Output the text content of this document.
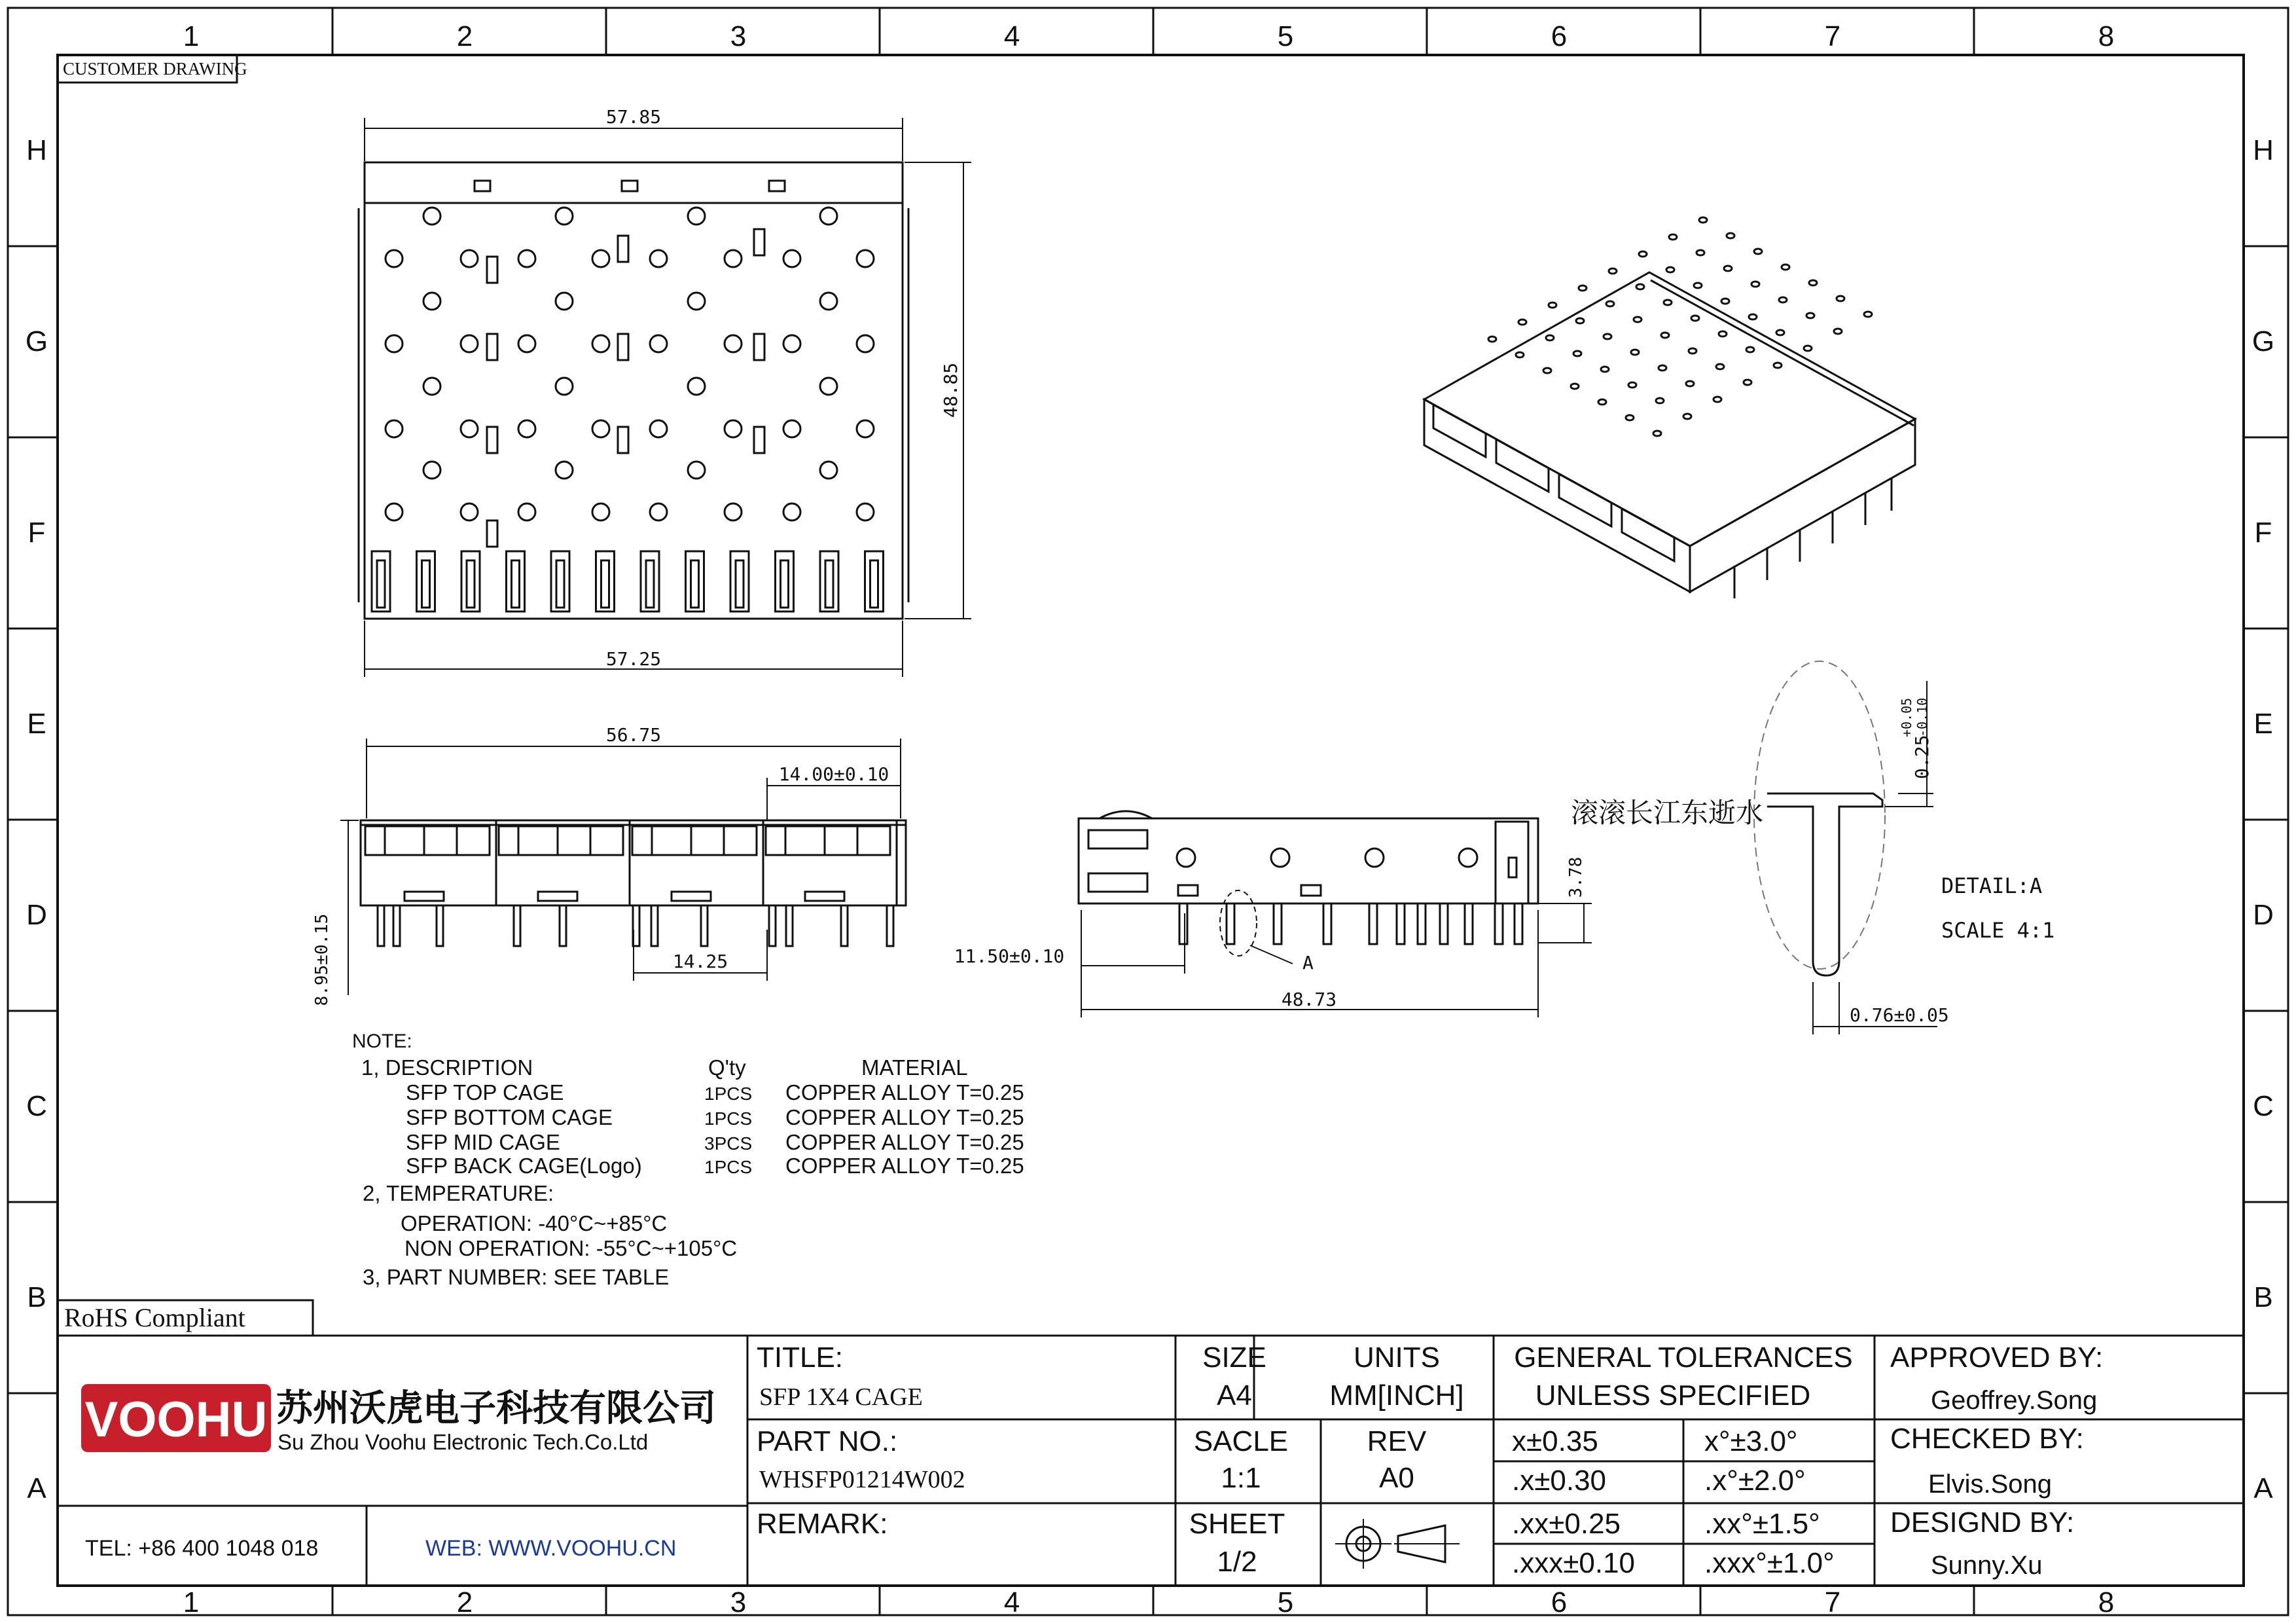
1	2	3	4	5	6	7	8
1	2	3	4	5	6	7	8
H
G
F
E
D
C
B
A
H
G
F
E
D
C
B
A
CUSTOMER DRAWING
57.85
57.25
48.85
56.75
14.00±0.10
14.25
8.95±0.15	11.50±0.10
48.73
3.78
A
0.25
+0.05 -0.10
0.76±0.05
DETAIL:A
SCALE 4:1
滚滚长江东逝水
NOTE:
1, DESCRIPTION	Q'ty	MATERIAL
SFP TOP CAGE	1PCS COPPER ALLOY T=0.25
SFP BOTTOM CAGE	1PCS COPPER ALLOY T=0.25
SFP MID CAGE	3PCS COPPER ALLOY T=0.25
SFP BACK CAGE(Logo)	1PCS COPPER ALLOY T=0.25
2, TEMPERATURE:
OPERATION: -40°C~+85°C
NON OPERATION: -55°C~+105°C
3, PART NUMBER: SEE TABLE
RoHS Compliant
VOOHU 苏州沃虎电子科技有限公司
Su Zhou Voohu Electronic Tech.Co.Ltd
TEL: +86 400 1048 018	WEB: WWW.VOOHU.CN
TITLE:
SFP 1X4 CAGE
PART NO.:
WHSFP01214W002
REMARK:
SIZE
A4
UNITS
MM[INCH]
SACLE
1:1
REV
A0
SHEET
1/2
GENERAL TOLERANCES
UNLESS SPECIFIED
x±0.35	x°±3.0°
.x±0.30	.x°±2.0°
.xx±0.25	.xx°±1.5°
.xxx±0.10 .xxx°±1.0°
APPROVED BY:
Geoffrey.Song
CHECKED BY:
Elvis.Song
DESIGND BY:
Sunny.Xu
